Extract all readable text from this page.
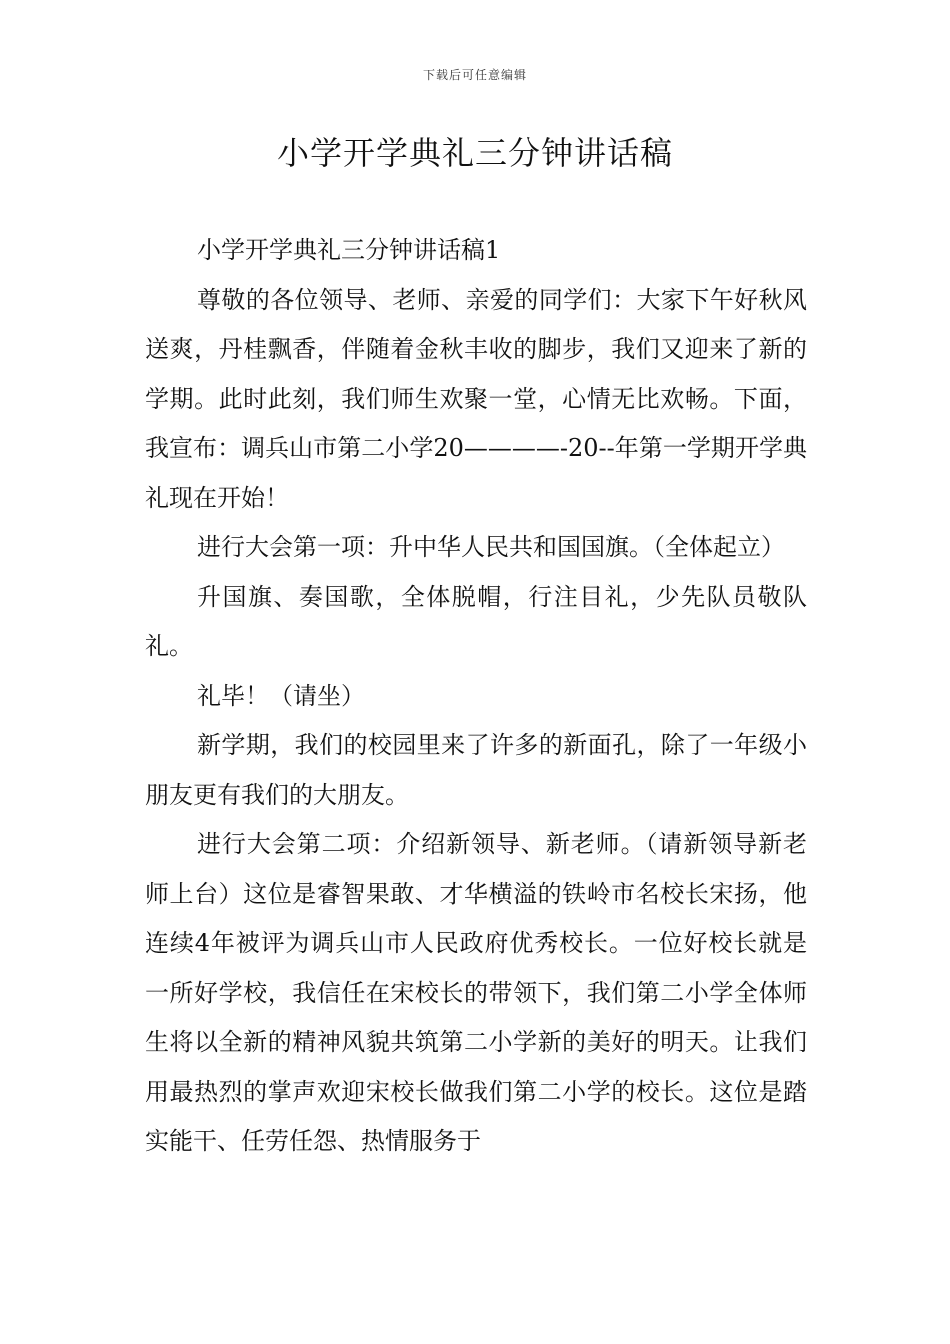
下载后可任意编辑
小学开学典礼三分钟讲话稿

小学开学典礼三分钟讲话稿1

尊敬的各位领导、老师、亲爱的同学们：大家下午好秋风送爽，丹桂飘香，伴随着金秋丰收的脚步，我们又迎来了新的学期。此时此刻，我们师生欢聚一堂，心情无比欢畅。下面，我宣布：调兵山市第二小学20————-20--年第一学期开学典礼现在开始！

进行大会第一项：升中华人民共和国国旗。（全体起立）

升国旗、奏国歌，全体脱帽，行注目礼，少先队员敬队礼。

礼毕！（请坐）

新学期，我们的校园里来了许多的新面孔，除了一年级小朋友更有我们的大朋友。

进行大会第二项：介绍新领导、新老师。（请新领导新老师上台）这位是睿智果敢、才华横溢的铁岭市名校长宋扬，他连续4年被评为调兵山市人民政府优秀校长。一位好校长就是一所好学校，我信任在宋校长的带领下，我们第二小学全体师生将以全新的精神风貌共筑第二小学新的美好的明天。让我们用最热烈的掌声欢迎宋校长做我们第二小学的校长。这位是踏实能干、任劳任怨、热情服务于
